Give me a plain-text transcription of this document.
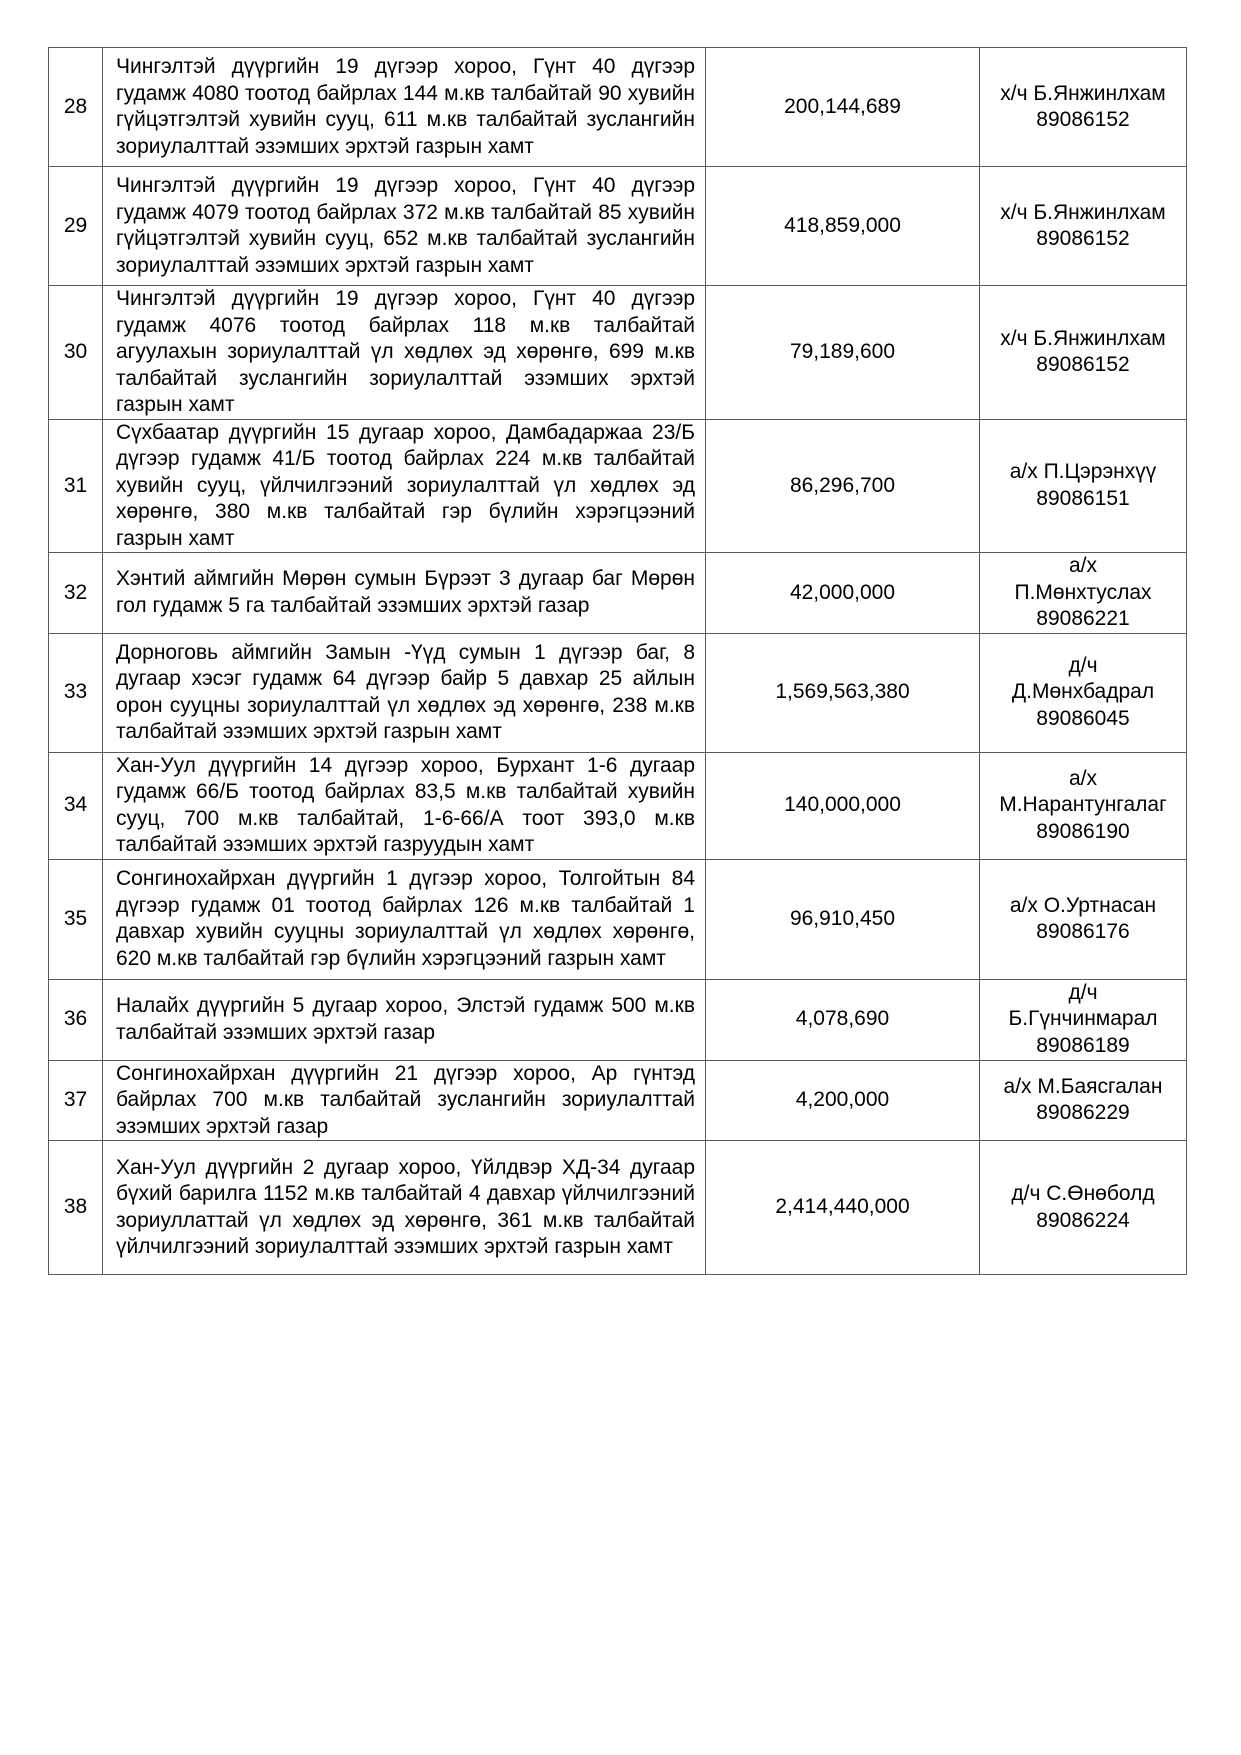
28	Чингэлтэй дүүргийн 19 дүгээр хороо, Гүнт 40 дүгээр гудамж 4080 тоотод байрлах 144 м.кв талбайтай 90 хувийн гүйцэтгэлтэй хувийн сууц, 611 м.кв талбайтай зуслангийн зориулалттай эзэмших эрхтэй газрын хамт	200,144,689	х/ч Б.Янжинлхам
89086152

29	Чингэлтэй дүүргийн 19 дүгээр хороо, Гүнт 40 дүгээр гудамж 4079 тоотод байрлах 372 м.кв талбайтай 85 хувийн гүйцэтгэлтэй хувийн сууц, 652 м.кв талбайтай зуслангийн зориулалттай эзэмших эрхтэй газрын хамт	418,859,000	х/ч Б.Янжинлхам
89086152

30	Чингэлтэй дүүргийн 19 дүгээр хороо, Гүнт 40 дүгээр гудамж 4076 тоотод байрлах 118 м.кв талбайтай агуулахын зориулалттай үл хөдлөх эд хөрөнгө, 699 м.кв талбайтай зуслангийн зориулалттай эзэмших эрхтэй газрын хамт	79,189,600	х/ч Б.Янжинлхам
89086152

31	Сүхбаатар дүүргийн 15 дугаар хороо, Дамбадаржаа 23/Б дүгээр гудамж 41/Б тоотод байрлах 224 м.кв талбайтай хувийн сууц, үйлчилгээний зориулалттай үл хөдлөх эд хөрөнгө, 380 м.кв талбайтай гэр бүлийн хэрэгцээний газрын хамт	86,296,700	а/х П.Цэрэнхүү
89086151

32	Хэнтий аймгийн Мөрөн сумын Бүрээт 3 дугаар баг Мөрөн гол гудамж 5 га талбайтай эзэмших эрхтэй газар	42,000,000	а/х
П.Мөнхтуслах
89086221

33	Дорноговь аймгийн Замын -Үүд сумын 1 дүгээр баг, 8 дугаар хэсэг гудамж 64 дүгээр байр 5 давхар 25 айлын орон сууцны зориулалттай үл хөдлөх эд хөрөнгө, 238 м.кв талбайтай эзэмших эрхтэй газрын хамт	1,569,563,380	д/ч
Д.Мөнхбадрал
89086045

34	Хан-Уул дүүргийн 14 дүгээр хороо, Бурхант 1-6 дугаар гудамж 66/Б тоотод байрлах 83,5 м.кв талбайтай хувийн сууц, 700 м.кв талбайтай, 1-6-66/А тоот 393,0 м.кв талбайтай эзэмших эрхтэй газруудын хамт	140,000,000	а/х
М.Нарантунгалаг
89086190

35	Сонгинохайрхан дүүргийн 1 дүгээр хороо, Толгойтын 84 дүгээр гудамж 01 тоотод байрлах 126 м.кв талбайтай 1 давхар хувийн сууцны зориулалттай үл хөдлөх хөрөнгө, 620 м.кв талбайтай гэр бүлийн хэрэгцээний газрын хамт	96,910,450	а/х О.Уртнасан
89086176

36	Налайх дүүргийн 5 дугаар хороо, Элстэй гудамж 500 м.кв талбайтай эзэмших эрхтэй газар	4,078,690	д/ч
Б.Гүнчинмарал
89086189

37	Сонгинохайрхан дүүргийн 21 дүгээр хороо, Ар гүнтэд байрлах 700 м.кв талбайтай зуслангийн зориулалттай эзэмших эрхтэй газар	4,200,000	а/х М.Баясгалан
89086229

38	Хан-Уул дүүргийн 2 дугаар хороо, Үйлдвэр ХД-34 дугаар бүхий барилга 1152 м.кв талбайтай 4 давхар үйлчилгээний зориуллаттай үл хөдлөх эд хөрөнгө, 361 м.кв талбайтай үйлчилгээний зориулалттай эзэмших эрхтэй газрын хамт	2,414,440,000	д/ч С.Өнөболд
89086224
